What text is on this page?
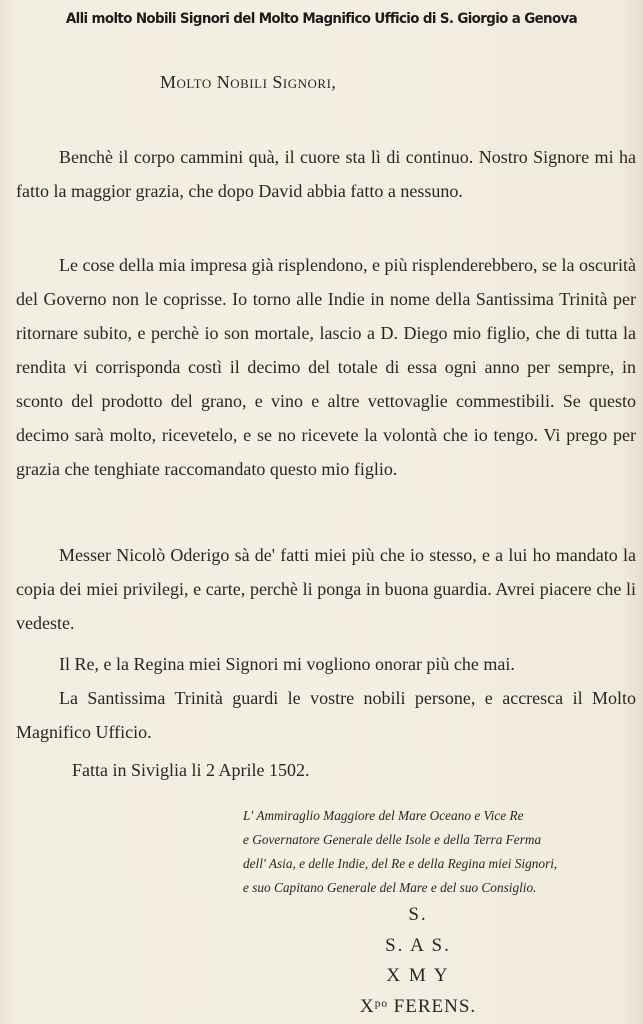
Alli molto Nobili Signori del Molto Magnifico Ufficio di S. Giorgio a Genova
Molto Nobili Signori,

Benchè il corpo cammini quà, il cuore sta lì di continuo. Nostro Signore mi ha fatto la maggior grazia, che dopo David abbia fatto a nessuno.

Le cose della mia impresa già risplendono, e più risplenderebbero, se la oscurità del Governo non le coprisse. Io torno alle Indie in nome della Santissima Trinità per ritornare subito, e perchè io son mortale, lascio a D. Diego mio figlio, che di tutta la rendita vi corrisponda costì il decimo del totale di essa ogni anno per sempre, in sconto del prodotto del grano, e vino e altre vettovaglie commestibili. Se questo decimo sarà molto, ricevetelo, e se no ricevete la volontà che io tengo. Vi prego per grazia che tenghiate raccomandato questo mio figlio.

Messer Nicolò Oderigo sà de' fatti miei più che io stesso, e a lui ho mandato la copia dei miei privilegi, e carte, perchè li ponga in buona guardia. Avrei piacere che li vedeste.

Il Re, e la Regina miei Signori mi vogliono onorar più che mai.

La Santissima Trinità guardi le vostre nobili persone, e accresca il Molto Magnifico Ufficio.

Fatta in Siviglia li 2 Aprile 1502.
L' Ammiraglio Maggiore del Mare Oceano e Vice Re
e Governatore Generale delle Isole e della Terra Ferma
dell' Asia, e delle Indie, del Re e della Regina miei Signori,
e suo Capitano Generale del Mare e del suo Consiglio.
S.
S. A S.
X M Y
Xᵖᵒ FERENS.
